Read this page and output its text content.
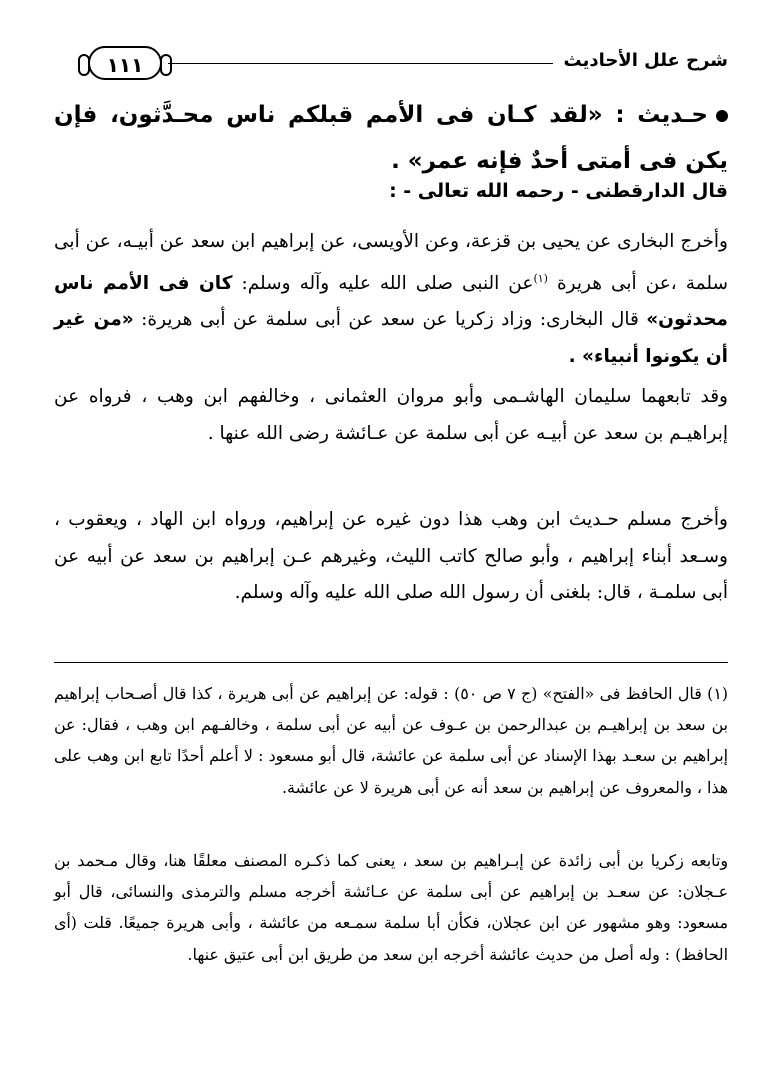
شرح علل الأحاديث
١١١

حـديث : «لقد كـان فى الأمم قبلكم ناس محـدَّثون، فإن يكن فى أمتى أحدٌ فإنه عمر» .

قال الدارقطنى - رحمه الله تعالى - :

وأخرج البخارى عن يحيى بن قزعة، وعن الأويسى، عن إبراهيم ابن سعد عن أبيـه، عن أبى سلمة ،عن أبى هريرة $^{(١)}$عن النبى صلى الله عليه وآله وسلم: كان فى الأمم ناس محدثون» قال البخارى: وزاد زكريا عن سعد عن أبى سلمة عن أبى هريرة: «من غير أن يكونوا أنبياء» .

وقد تابعهما سليمان الهاشـمى وأبو مروان العثمانى ، وخالفهم ابن وهب ، فرواه عن إبراهيـم بن سعد عن أبيـه عن أبى سلمة عن عـائشة رضى الله عنها .

وأخرج مسلم حـديث ابن وهب هذا دون غيره عن إبراهيم، ورواه ابن الهاد ، ويعقوب ، وسـعد أبناء إبراهيم ، وأبو صالح كاتب الليث، وغيرهم عـن إبراهيم بن سعد عن أبيه عن أبى سلمـة ، قال: بلغنى أن رسول الله صلى الله عليه وآله وسلم.

(١) قال الحافظ فى «الفتح» (ج ٧ ص ٥٠) : قوله: عن إبراهيم عن أبى هريرة ، كذا قال أصـحاب إبراهيم بن سعد بن إبراهيـم بن عبدالرحمن بن عـوف عن أبيه عن أبى سلمة ، وخالفـهم ابن وهب ، فقال: عن إبراهيم بن سعـد بهذا الإسناد عن أبى سلمة عن عائشة، قال أبو مسعود : لا أعلم أحدًا تابع ابن وهب على هذا ، والمعروف عن إبراهيم بن سعد أنه عن أبى هريرة لا عن عائشة.

وتابعه زكريا بن أبى زائدة عن إبـراهيم بن سعد ، يعنى كما ذكـره المصنف معلقًا هنا، وقال مـحمد بن عـجلان: عن سعـد بن إبراهيم عن أبى سلمة عن عـائشة أخرجه مسلم والترمذى والنسائى، قال أبو مسعود: وهو مشهور عن ابن عجلان، فكأن أبا سلمة سمـعه من عائشة ، وأبى هريرة جميعًا. قلت (أى الحافظ) : وله أصل من حديث عائشة أخرجه ابن سعد من طريق ابن أبى عتيق عنها.
